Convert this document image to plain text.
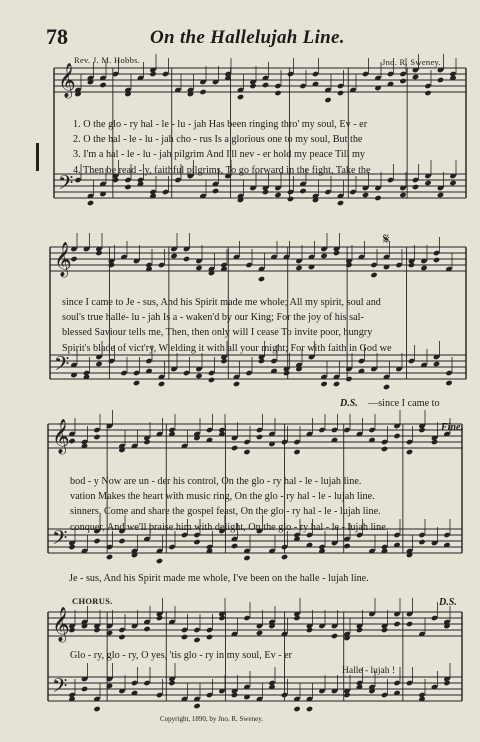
𝄞
𝄢
𝄞
𝄢
𝄞
𝄢
𝄞
𝄢
𝄋
78	On the Hallelujah Line.
Rev. J. M. Hobbs.	Jno. R. Sweney.
1. O the glo - ry hal - le - lu - jah Has been ringing thro' my soul, Ev - er
2. O the hal - le - lu - jah cho - rus Is a glorious one to my soul, But the
3. I'm a hal - le - lu - jah pilgrim And I'll nev - er hold my peace Till my
4. Then be read - y, faithful pilgrims, To go forward in the fight, Take the
since I came to Je - sus, And his Spirit made me whole; All my spirit, soul and
soul's true halle- lu - jah Is a - waken'd by our King; For the joy of his sal-
blessed Saviour tells me, Then, then only will I cease To invite poor, hungry
Spirit's blade of vict'ry, Wielding it with all your might; For with faith in God we
D.S. —since I came to
Fine.
bod - y Now are un - der his control, On the glo - ry hal - le - lujah line.
vation Makes the heart with music ring, On the glo - ry hal - le - lujah line.
sinners, Come and share the gospel feast, On the glo - ry hal - le - lujah line.
conquer, And we'll praise him with delight, On the glo - ry hal - le - lujah line.
Je - sus, And his Spirit made me whole, I've been on the halle - lujah line.
CHORUS.	D.S.
Glo - ry, glo - ry, O yes, 'tis glo - ry in my soul, Ev - er
Halle - lujah !
Copyright, 1890, by Jno. R. Sweney.
